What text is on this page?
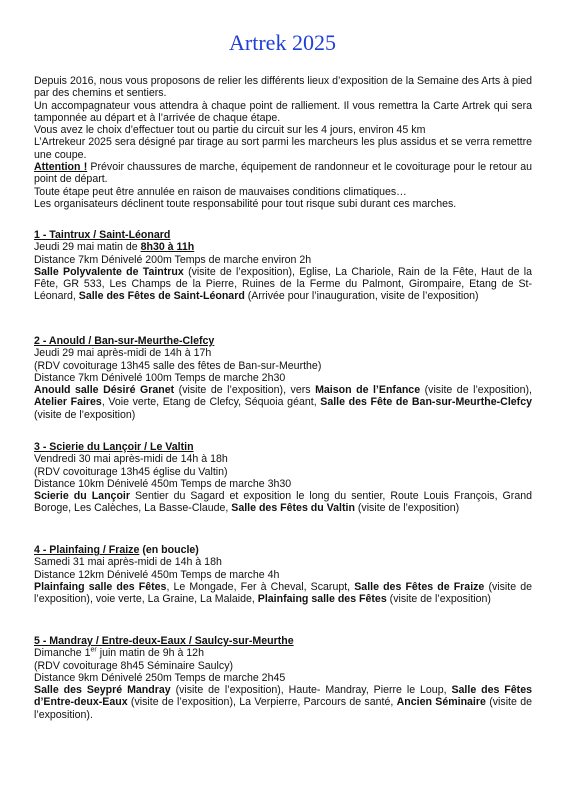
Artrek 2025

Depuis 2016, nous vous proposons de relier les différents lieux d’exposition de la Semaine des Arts à pied par des chemins et sentiers.

Un accompagnateur vous attendra à chaque point de ralliement. Il vous remettra la Carte Artrek qui sera tamponnée au départ et à l’arrivée de chaque étape.

Vous avez le choix d’effectuer tout ou partie du circuit sur les 4 jours, environ 45 km

L’Artrekeur 2025 sera désigné par tirage au sort parmi les marcheurs les plus assidus et se verra remettre une coupe.

Attention ! Prévoir chaussures de marche, équipement de randonneur et le covoiturage pour le retour au point de départ.

Toute étape peut être annulée en raison de mauvaises conditions climatiques…

Les organisateurs déclinent toute responsabilité pour tout risque subi durant ces marches.

1 - Taintrux / Saint-Léonard

Jeudi 29 mai matin de 8h30 à 11h

Distance 7km Dénivelé 200m Temps de marche environ 2h

Salle Polyvalente de Taintrux (visite de l’exposition), Eglise, La Chariole, Rain de la Fête, Haut de la Fête, GR 533, Les Champs de la Pierre, Ruines de la Ferme du Palmont, Girompaire, Etang de St-Léonard, Salle des Fêtes de Saint-Léonard (Arrivée pour l’inauguration, visite de l’exposition)

2 - Anould / Ban-sur-Meurthe-Clefcy

Jeudi 29 mai après-midi de 14h à 17h

(RDV covoiturage 13h45 salle des fêtes de Ban-sur-Meurthe)

Distance 7km Dénivelé 100m Temps de marche 2h30

Anould salle Désiré Granet (visite de l’exposition), vers Maison de l’Enfance (visite de l’exposition), Atelier Faires, Voie verte, Etang de Clefcy, Séquoia géant, Salle des Fête de Ban-sur-Meurthe-Clefcy (visite de l’exposition)

3 - Scierie du Lançoir / Le Valtin

Vendredi 30 mai après-midi de 14h à 18h

(RDV covoiturage 13h45 église du Valtin)

Distance 10km Dénivelé 450m Temps de marche 3h30

Scierie du Lançoir Sentier du Sagard et exposition le long du sentier, Route Louis François, Grand Boroge, Les Calèches, La Basse-Claude, Salle des Fêtes du Valtin (visite de l’exposition)

4 - Plainfaing / Fraize (en boucle)

Samedi 31 mai après-midi de 14h à 18h

Distance 12km Dénivelé 450m Temps de marche 4h

Plainfaing salle des Fêtes, Le Mongade, Fer à Cheval, Scarupt, Salle des Fêtes de Fraize (visite de l’exposition), voie verte, La Graine, La Malaide, Plainfaing salle des Fêtes (visite de l’exposition)

5 - Mandray / Entre-deux-Eaux / Saulcy-sur-Meurthe

Dimanche 1er juin matin de 9h à 12h

(RDV covoiturage 8h45 Séminaire Saulcy)

Distance 9km Dénivelé 250m Temps de marche 2h45

Salle des Seypré Mandray (visite de l’exposition), Haute- Mandray, Pierre le Loup, Salle des Fêtes d’Entre-deux-Eaux (visite de l’exposition), La Verpierre, Parcours de santé, Ancien Séminaire (visite de l’exposition).
